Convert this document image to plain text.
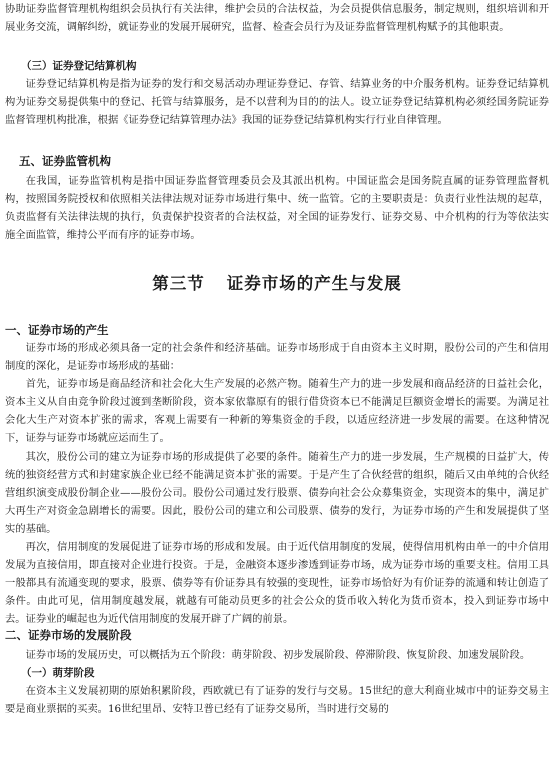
协助证券监督管理机构组织会员执行有关法律，维护会员的合法权益，为会员提供信息服务，制定规则，组织培训和开展业务交流，调解纠纷，就证券业的发展开展研究，监督、检查会员行为及证券监督管理机构赋予的其他职责。

（三）证券登记结算机构

证券登记结算机构是指为证券的发行和交易活动办理证券登记、存管、结算业务的中介服务机构。证券登记结算机构为证券交易提供集中的登记、托管与结算服务，是不以营利为目的的法人。设立证券登记结算机构必须经国务院证券监督管理机构批准，根据《证券登记结算管理办法》我国的证券登记结算机构实行行业自律管理。

五、证券监管机构

在我国，证券监管机构是指中国证券监督管理委员会及其派出机构。中国证监会是国务院直属的证券管理监督机构，按照国务院授权和依照相关法律法规对证券市场进行集中、统一监管。它的主要职责是：负责行业性法规的起草，负责监督有关法律法规的执行，负责保护投资者的合法权益，对全国的证券发行、证券交易、中介机构的行为等依法实施全面监管，维持公平而有序的证券市场。

第三节 证券市场的产生与发展

一、证券市场的产生

证券市场的形成必须具备一定的社会条件和经济基础。证券市场形成于自由资本主义时期，股份公司的产生和信用制度的深化，是证券市场形成的基础：

首先，证券市场是商品经济和社会化大生产发展的必然产物。随着生产力的进一步发展和商品经济的日益社会化，资本主义从自由竞争阶段过渡到垄断阶段，资本家依靠原有的银行借贷资本已不能满足巨额资金增长的需要。为满足社会化大生产对资本扩张的需求，客观上需要有一种新的筹集资金的手段，以适应经济进一步发展的需要。在这种情况下，证券与证券市场就应运而生了。

其次，股份公司的建立为证券市场的形成提供了必要的条件。随着生产力的进一步发展，生产规模的日益扩大，传统的独资经营方式和封建家族企业已经不能满足资本扩张的需要。于是产生了合伙经营的组织，随后又由单纯的合伙经营组织演变成股份制企业——股份公司。股份公司通过发行股票、债券向社会公众募集资金，实现资本的集中，满足扩大再生产对资金急剧增长的需要。因此，股份公司的建立和公司股票、债券的发行，为证券市场的产生和发展提供了坚实的基础。

再次，信用制度的发展促进了证券市场的形成和发展。由于近代信用制度的发展，使得信用机构由单一的中介信用发展为直接信用，即直接对企业进行投资。于是，金融资本逐步渗透到证券市场，成为证券市场的重要支柱。信用工具一般都具有流通变现的要求，股票、债券等有价证券具有较强的变现性，证券市场恰好为有价证券的流通和转让创造了条件。由此可见，信用制度越发展，就越有可能动员更多的社会公众的货币收入转化为货币资本，投入到证券市场中去。证券业的崛起也为近代信用制度的发展开辟了广阔的前景。

二、证券市场的发展阶段

证券市场的发展历史，可以概括为五个阶段：萌芽阶段、初步发展阶段、停滞阶段、恢复阶段、加速发展阶段。

（一）萌芽阶段

在资本主义发展初期的原始积累阶段，西欧就已有了证券的发行与交易。15世纪的意大利商业城市中的证券交易主要是商业票据的买卖。16世纪里昂、安特卫普已经有了证券交易所，当时进行交易的
